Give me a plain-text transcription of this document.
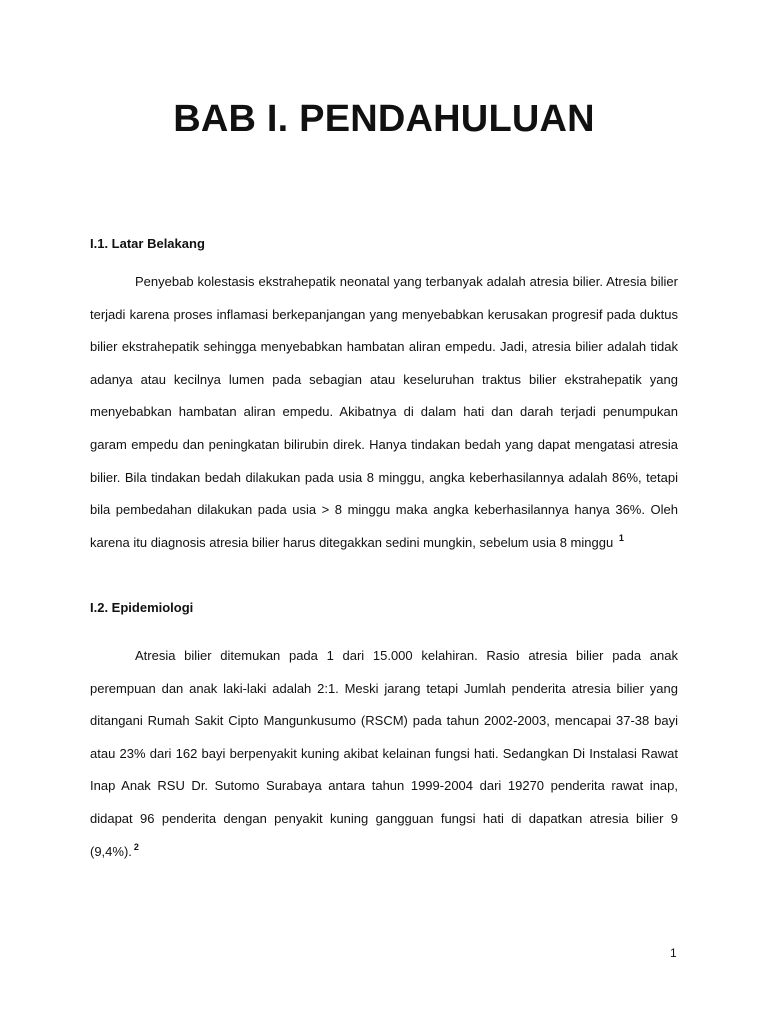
BAB I. PENDAHULUAN
I.1. Latar Belakang

Penyebab kolestasis ekstrahepatik neonatal yang terbanyak adalah atresia bilier. Atresia bilier terjadi karena proses inflamasi berkepanjangan yang menyebabkan kerusakan progresif pada duktus bilier ekstrahepatik sehingga menyebabkan hambatan aliran empedu. Jadi, atresia bilier adalah tidak adanya atau kecilnya lumen pada sebagian atau keseluruhan traktus bilier ekstrahepatik yang menyebabkan hambatan aliran empedu. Akibatnya di dalam hati dan darah terjadi penumpukan garam empedu dan peningkatan bilirubin direk. Hanya tindakan bedah yang dapat mengatasi atresia bilier. Bila tindakan bedah dilakukan pada usia 8 minggu, angka keberhasilannya adalah 86%, tetapi bila pembedahan dilakukan pada usia > 8 minggu maka angka keberhasilannya hanya 36%. Oleh karena itu diagnosis atresia bilier harus ditegakkan sedini mungkin, sebelum usia 8 minggu $^1$

I.2. Epidemiologi

Atresia bilier ditemukan pada 1 dari 15.000 kelahiran. Rasio atresia bilier pada anak perempuan dan anak laki-laki adalah 2:1. Meski jarang tetapi Jumlah penderita atresia bilier yang ditangani Rumah Sakit Cipto Mangunkusumo (RSCM) pada tahun 2002-2003, mencapai 37-38 bayi atau 23% dari 162 bayi berpenyakit kuning akibat kelainan fungsi hati. Sedangkan Di Instalasi Rawat Inap Anak RSU Dr. Sutomo Surabaya antara tahun 1999-2004 dari 19270 penderita rawat inap, didapat 96 penderita dengan penyakit kuning gangguan fungsi hati di dapatkan atresia bilier 9 (9,4%). $^2$

1
